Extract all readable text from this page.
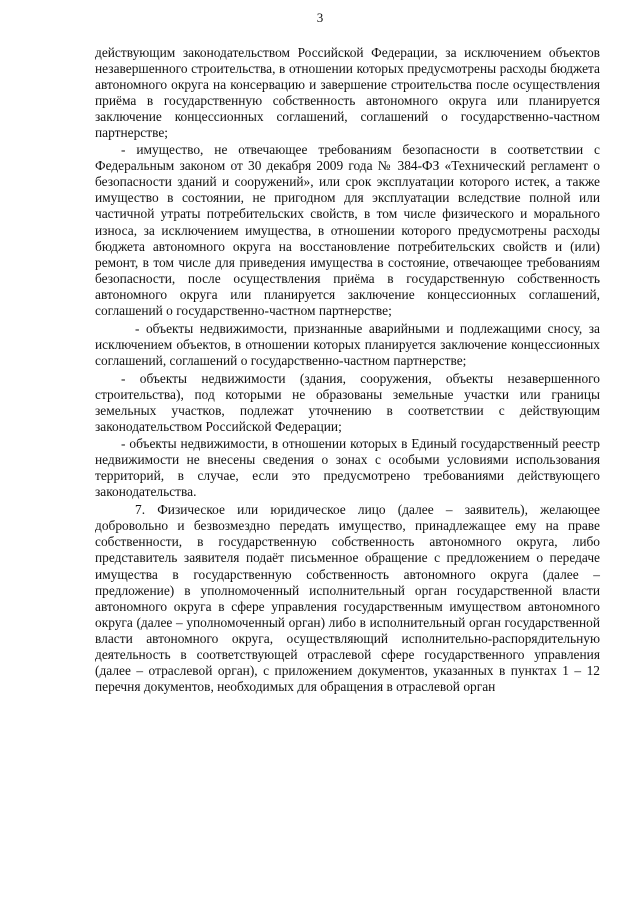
3

действующим законодательством Российской Федерации, за исключением объектов незавершенного строительства, в отношении которых предусмотрены расходы бюджета автономного округа на консервацию и завершение строительства после осуществления приёма в государственную собственность автономного округа или планируется заключение концессионных соглашений, соглашений о государственно-частном партнерстве;

- имущество, не отвечающее требованиям безопасности в соответствии с Федеральным законом от 30 декабря 2009 года № 384-ФЗ «Технический регламент о безопасности зданий и сооружений», или срок эксплуатации которого истек, а также имущество в состоянии, не пригодном для эксплуатации вследствие полной или частичной утраты потребительских свойств, в том числе физического и морального износа, за исключением имущества, в отношении которого предусмотрены расходы бюджета автономного округа на восстановление потребительских свойств и (или) ремонт, в том числе для приведения имущества в состояние, отвечающее требованиям безопасности, после осуществления приёма в государственную собственность автономного округа или планируется заключение концессионных соглашений, соглашений о государственно-частном партнерстве;

- объекты недвижимости, признанные аварийными и подлежащими сносу, за исключением объектов, в отношении которых планируется заключение концессионных соглашений, соглашений о государственно-частном партнерстве;

- объекты недвижимости (здания, сооружения, объекты незавершенного строительства), под которыми не образованы земельные участки или границы земельных участков, подлежат уточнению в соответствии с действующим законодательством Российской Федерации;

- объекты недвижимости, в отношении которых в Единый государственный реестр недвижимости не внесены сведения о зонах с особыми условиями использования территорий, в случае, если это предусмотрено требованиями действующего законодательства.

7. Физическое или юридическое лицо (далее – заявитель), желающее добровольно и безвозмездно передать имущество, принадлежащее ему на праве собственности, в государственную собственность автономного округа, либо представитель заявителя подаёт письменное обращение с предложением о передаче имущества в государственную собственность автономного округа (далее – предложение) в уполномоченный исполнительный орган государственной власти автономного округа в сфере управления государственным имуществом автономного округа (далее – уполномоченный орган) либо в исполнительный орган государственной власти автономного округа, осуществляющий исполнительно-распорядительную деятельность в соответствующей отраслевой сфере государственного управления (далее – отраслевой орган), с приложением документов, указанных в пунктах 1 – 12 перечня документов, необходимых для обращения в отраслевой орган
